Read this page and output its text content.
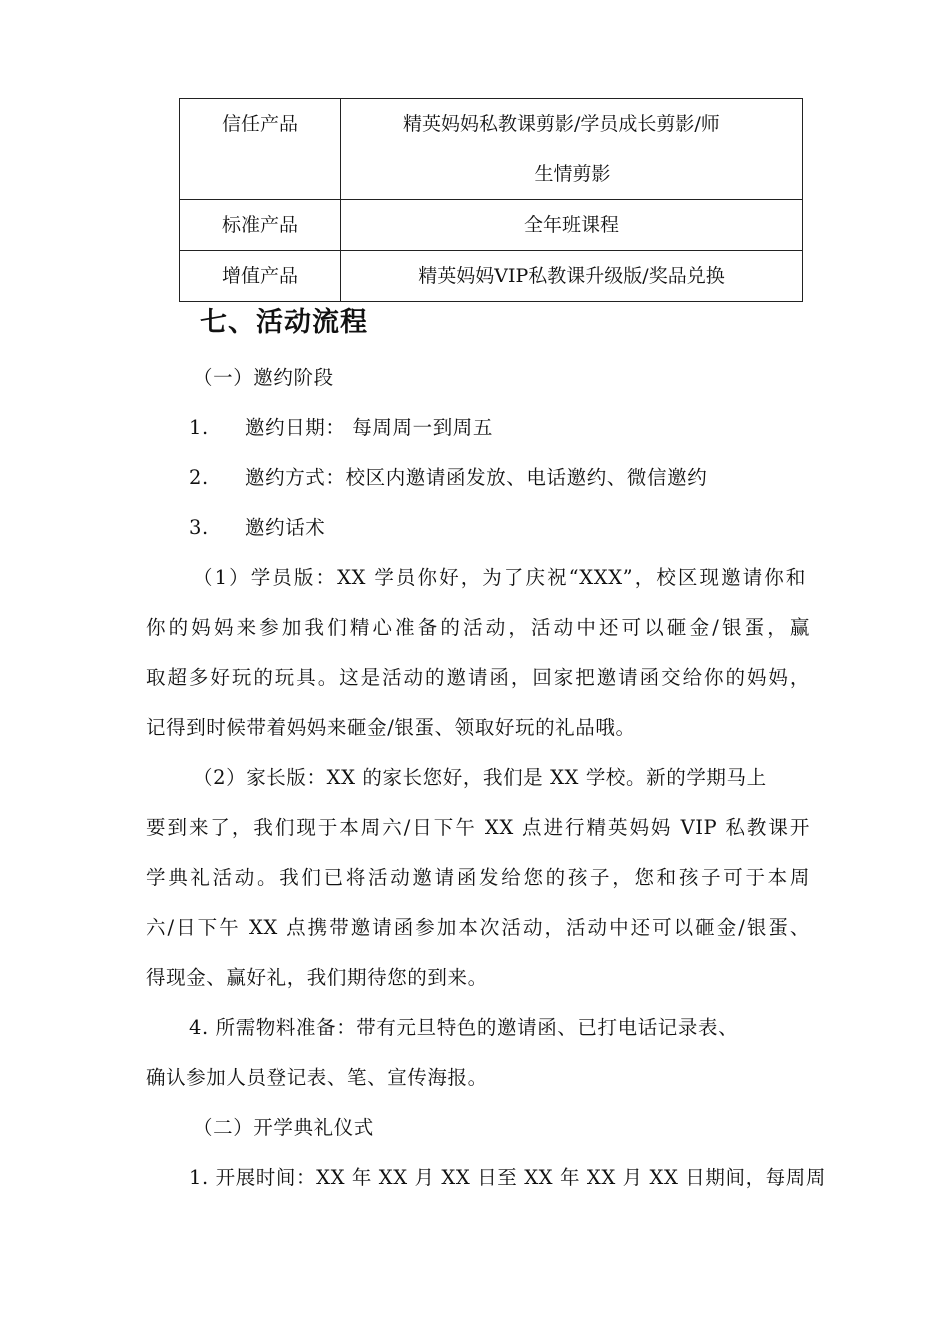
信任产品	精英妈妈私教课剪影/学员成长剪影/师
生情剪影

标准产品	全年班课程
增值产品	精英妈妈VIP私教课升级版/奖品兑换
七、活动流程
（一）邀约阶段
1. 邀约日期： 每周周一到周五
2. 邀约方式：校区内邀请函发放、电话邀约、微信邀约
3. 邀约话术
（1）学员版：XX 学员你好，为了庆祝“XXX”，校区现邀请你和
你的妈妈来参加我们精心准备的活动，活动中还可以砸金/银蛋，赢
取超多好玩的玩具。这是活动的邀请函，回家把邀请函交给你的妈妈，
记得到时候带着妈妈来砸金/银蛋、领取好玩的礼品哦。
（2）家长版：XX 的家长您好，我们是 XX 学校。新的学期马上
要到来了，我们现于本周六/日下午 XX 点进行精英妈妈 VIP 私教课开
学典礼活动。我们已将活动邀请函发给您的孩子，您和孩子可于本周
六/日下午 XX 点携带邀请函参加本次活动，活动中还可以砸金/银蛋、
得现金、赢好礼，我们期待您的到来。
4. 所需物料准备：带有元旦特色的邀请函、已打电话记录表、
确认参加人员登记表、笔、宣传海报。
（二）开学典礼仪式
1. 开展时间：XX 年 XX 月 XX 日至 XX 年 XX 月 XX 日期间，每周周
